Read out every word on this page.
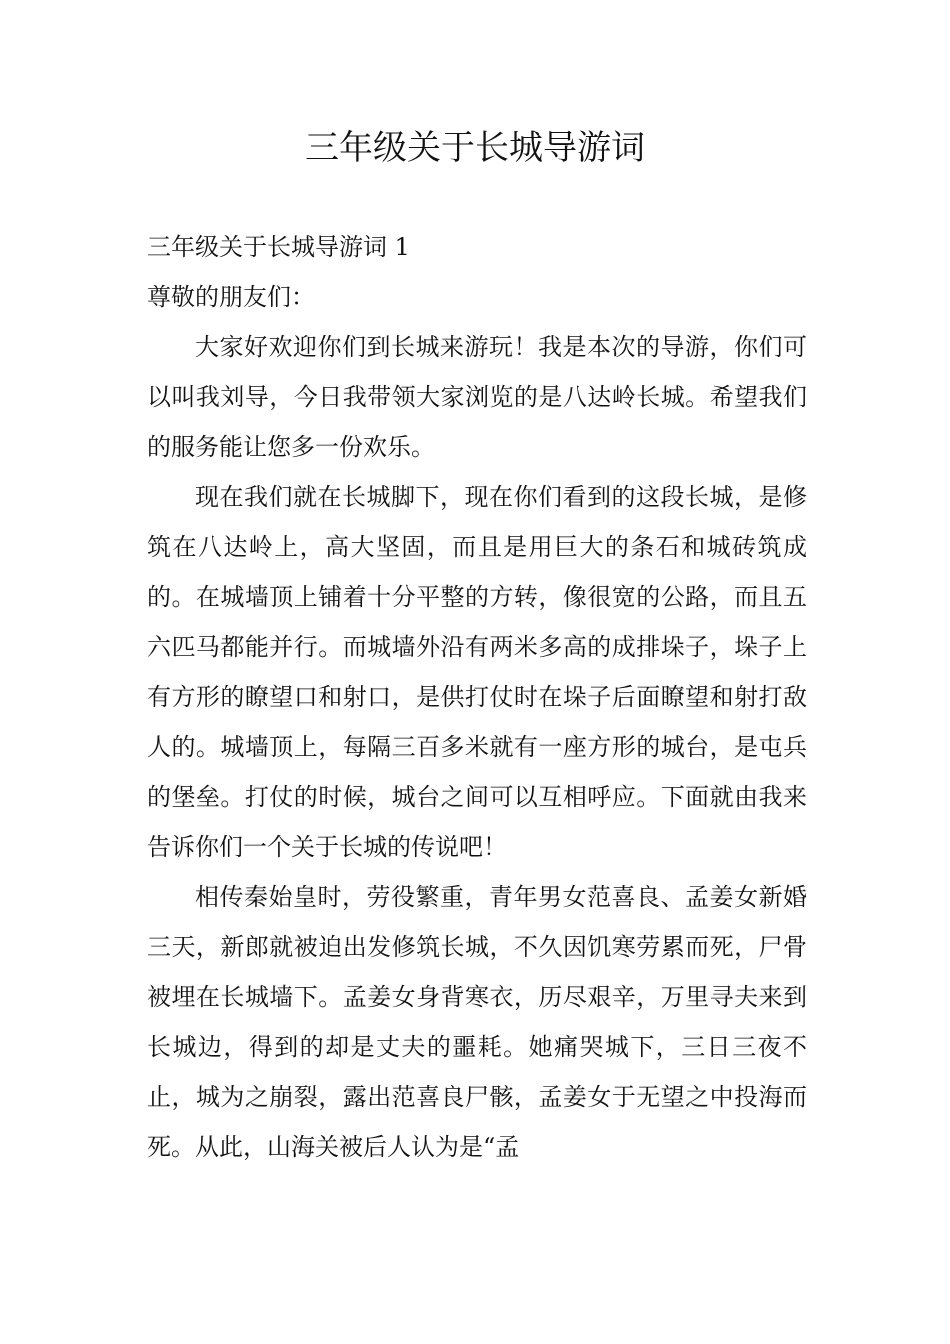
三年级关于长城导游词

三年级关于长城导游词 1

尊敬的朋友们：

大家好欢迎你们到长城来游玩！我是本次的导游，你们可以叫我刘导，今日我带领大家浏览的是八达岭长城。希望我们的服务能让您多一份欢乐。

现在我们就在长城脚下，现在你们看到的这段长城，是修筑在八达岭上，高大坚固，而且是用巨大的条石和城砖筑成的。在城墙顶上铺着十分平整的方转，像很宽的公路，而且五六匹马都能并行。而城墙外沿有两米多高的成排垛子，垛子上有方形的瞭望口和射口，是供打仗时在垛子后面瞭望和射打敌人的。城墙顶上，每隔三百多米就有一座方形的城台，是屯兵的堡垒。打仗的时候，城台之间可以互相呼应。下面就由我来告诉你们一个关于长城的传说吧！

相传秦始皇时，劳役繁重，青年男女范喜良、孟姜女新婚三天，新郎就被迫出发修筑长城，不久因饥寒劳累而死，尸骨被埋在长城墙下。孟姜女身背寒衣，历尽艰辛，万里寻夫来到长城边，得到的却是丈夫的噩耗。她痛哭城下，三日三夜不止，城为之崩裂，露出范喜良尸骸，孟姜女于无望之中投海而死。从此，山海关被后人认为是“孟
